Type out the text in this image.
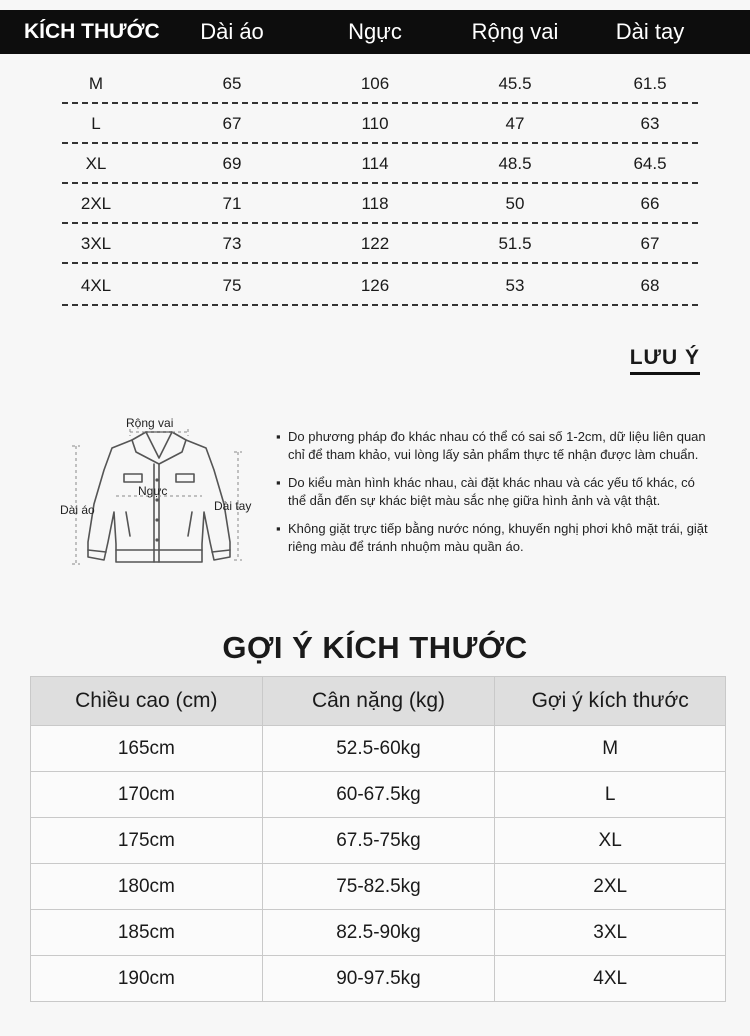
KÍCH THƯỚC	Dài áo	Ngực	Rộng vai	Dài tay
M	65	106	45.5	61.5
L	67	110	47	63
XL	69	114	48.5	64.5
2XL	71	118	50	66
3XL	73	122	51.5	67
4XL	75	126	53	68
LƯU Ý
Rộng vai
Ngực
Dài áo	Dài tay
▪ Do phương pháp đo khác nhau có thể có sai số 1-2cm, dữ liệu liên quan chỉ để tham khảo, vui lòng lấy sản phẩm thực tế nhận được làm chuẩn.
▪ Do kiểu màn hình khác nhau, cài đặt khác nhau và các yếu tố khác, có thể dẫn đến sự khác biệt màu sắc nhẹ giữa hình ảnh và vật thật.
▪ Không giặt trực tiếp bằng nước nóng, khuyến nghị phơi khô mặt trái, giặt riêng màu để tránh nhuộm màu quần áo.
GỢI Ý KÍCH THƯỚC
Chiều cao (cm)	Cân nặng (kg)	Gợi ý kích thước
165cm	52.5-60kg	M
170cm	60-67.5kg	L
175cm	67.5-75kg	XL
180cm	75-82.5kg	2XL
185cm	82.5-90kg	3XL
190cm	90-97.5kg	4XL
